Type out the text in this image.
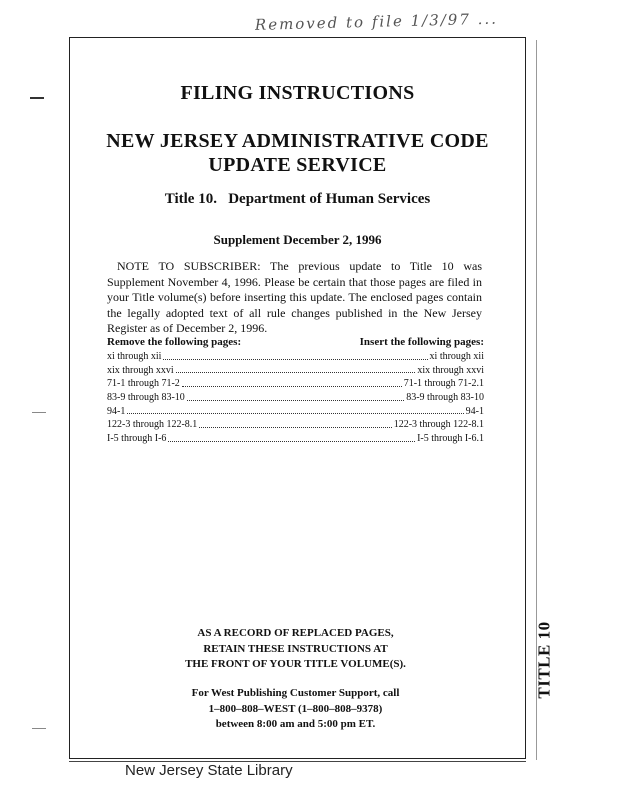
Removed to file 1/3/97 ...
FILING INSTRUCTIONS
NEW JERSEY ADMINISTRATIVE CODE
UPDATE SERVICE
Title 10.   Department of Human Services
Supplement December 2, 1996
NOTE TO SUBSCRIBER: The previous update to Title 10 was Supplement November 4, 1996. Please be certain that those pages are filed in your Title volume(s) before inserting this update. The enclosed pages contain the legally adopted text of all rule changes published in the New Jersey Register as of December 2, 1996.
Remove the following pages:	Insert the following pages:
xi through xii	xi through xii
xix through xxvi	xix through xxvi
71-1 through 71-2	71-1 through 71-2.1
83-9 through 83-10	83-9 through 83-10
94-1	94-1
122-3 through 122-8.1	122-3 through 122-8.1
I-5 through I-6	I-5 through I-6.1
AS A RECORD OF REPLACED PAGES,
RETAIN THESE INSTRUCTIONS AT
THE FRONT OF YOUR TITLE VOLUME(S).
For West Publishing Customer Support, call
1–800–808–WEST (1–800–808–9378)
between 8:00 am and 5:00 pm ET.
TITLE 10
New Jersey State Library
